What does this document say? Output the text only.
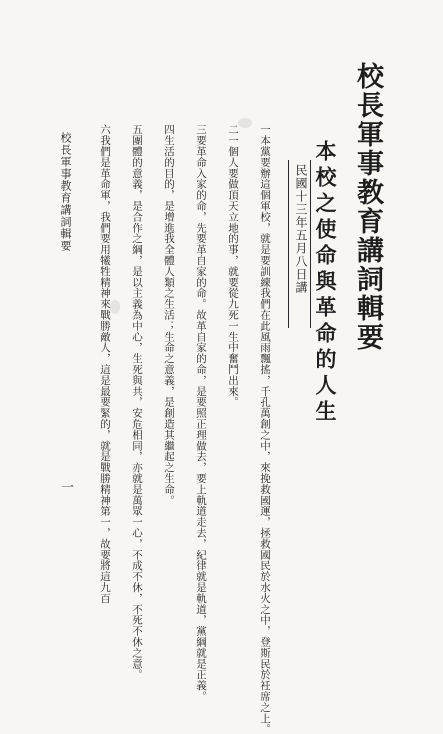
校長軍事教育講詞輯要
本校之使命與革命的人生
民國十三年五月八日講
一本黨要辦這個軍校，就是要訓練我們在此風雨飄搖，千孔萬創之中，來挽救國運，拯救國民於水火之中，登斯民於衽席之上。
二一個人要做頂天立地的事，就要從九死一生中奮鬥出來。
三要革命入家的命，先要革自家的命。故革自家的命，是要照正理做去，要上軌道走去，紀律就是軌道，黨綱就是正義。
四生活的目的，是增進我全體人類之生活；生命之意義，是創造其繼起之生命。
五團體的意義，是合作之綱，是以主義為中心，生死與共，安危相同，亦就是萬眾一心，不成不休，不死不休之意。
六我們是革命軍，我們要用犧牲精神來戰勝敵人，這是最要緊的，就是戰勝精神第一，故要將這九百
校長軍事教育講詞輯要
一
